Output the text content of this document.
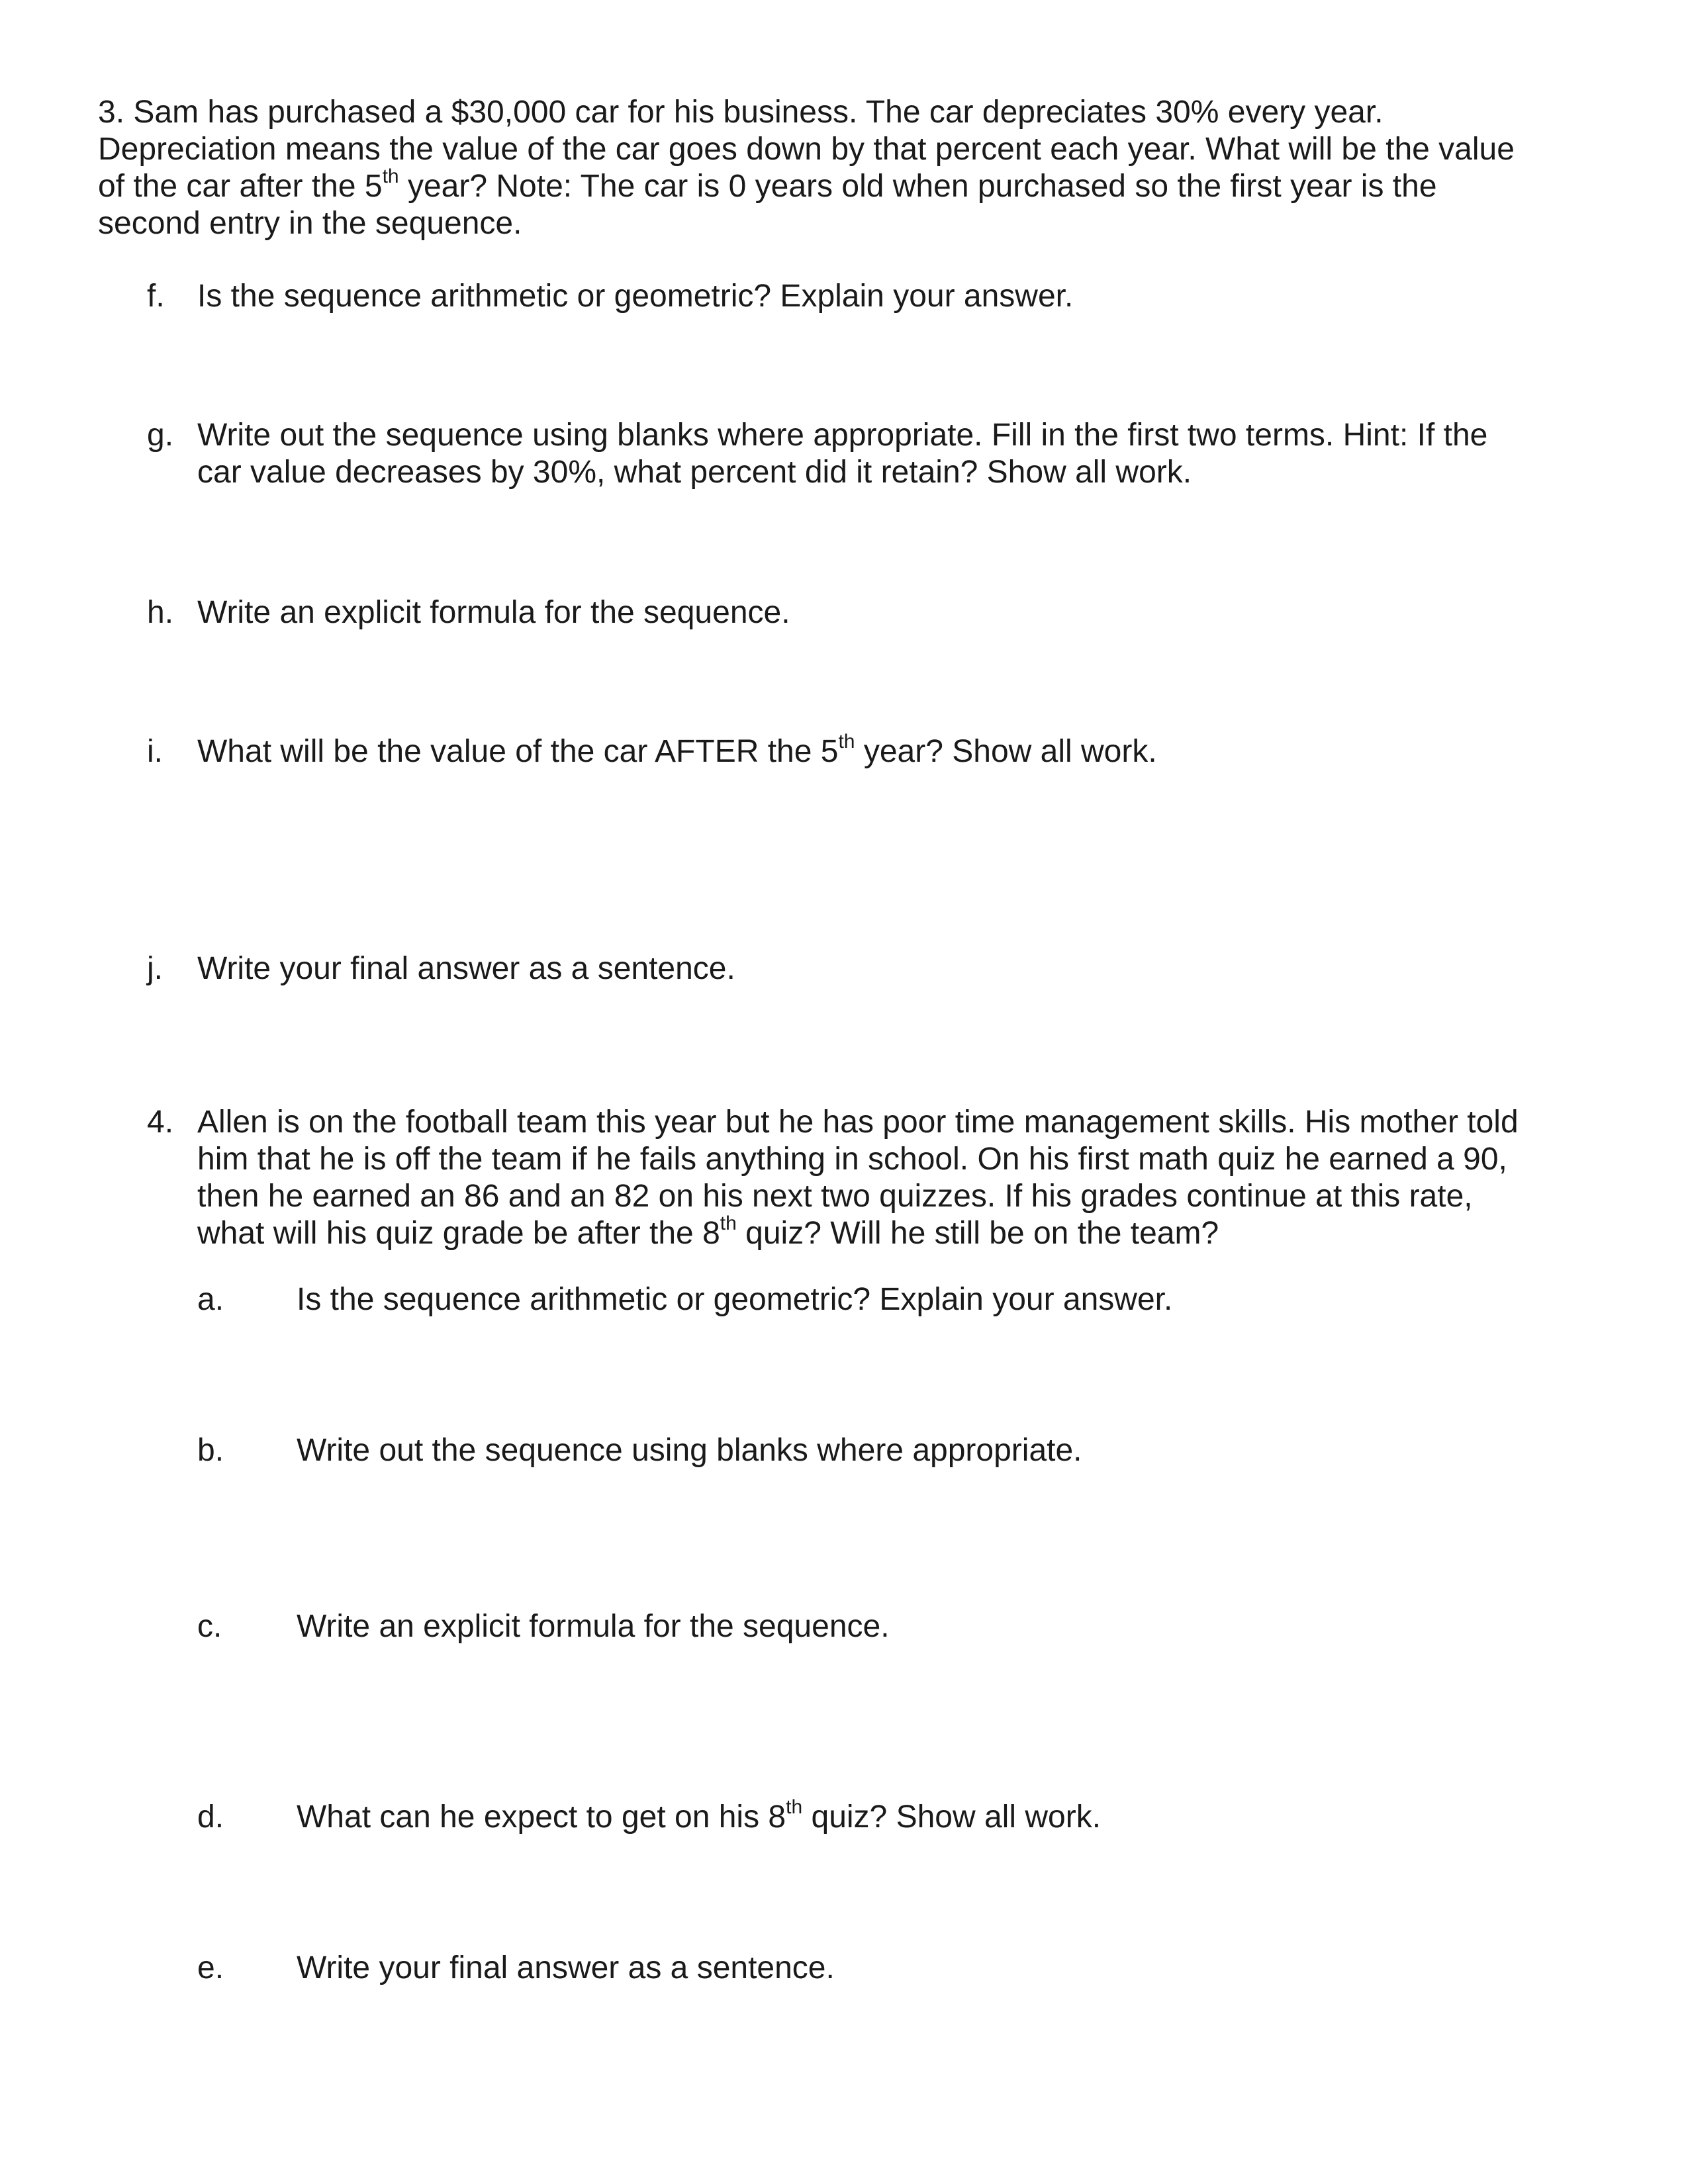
3. Sam has purchased a $30,000 car for his business. The car depreciates 30% every year.
Depreciation means the value of the car goes down by that percent each year. What will be the value
of the car after the 5th year? Note: The car is 0 years old when purchased so the first year is the
second entry in the sequence.
f. Is the sequence arithmetic or geometric? Explain your answer.
g. Write out the sequence using blanks where appropriate. Fill in the first two terms. Hint: If the
car value decreases by 30%, what percent did it retain? Show all work.
h. Write an explicit formula for the sequence.
i. What will be the value of the car AFTER the 5th year? Show all work.
j. Write your final answer as a sentence.
4. Allen is on the football team this year but he has poor time management skills. His mother told
him that he is off the team if he fails anything in school. On his first math quiz he earned a 90,
then he earned an 86 and an 82 on his next two quizzes. If his grades continue at this rate,
what will his quiz grade be after the 8th quiz? Will he still be on the team?
a. Is the sequence arithmetic or geometric? Explain your answer.
b. Write out the sequence using blanks where appropriate.
c. Write an explicit formula for the sequence.
d. What can he expect to get on his 8th quiz? Show all work.
e. Write your final answer as a sentence.
